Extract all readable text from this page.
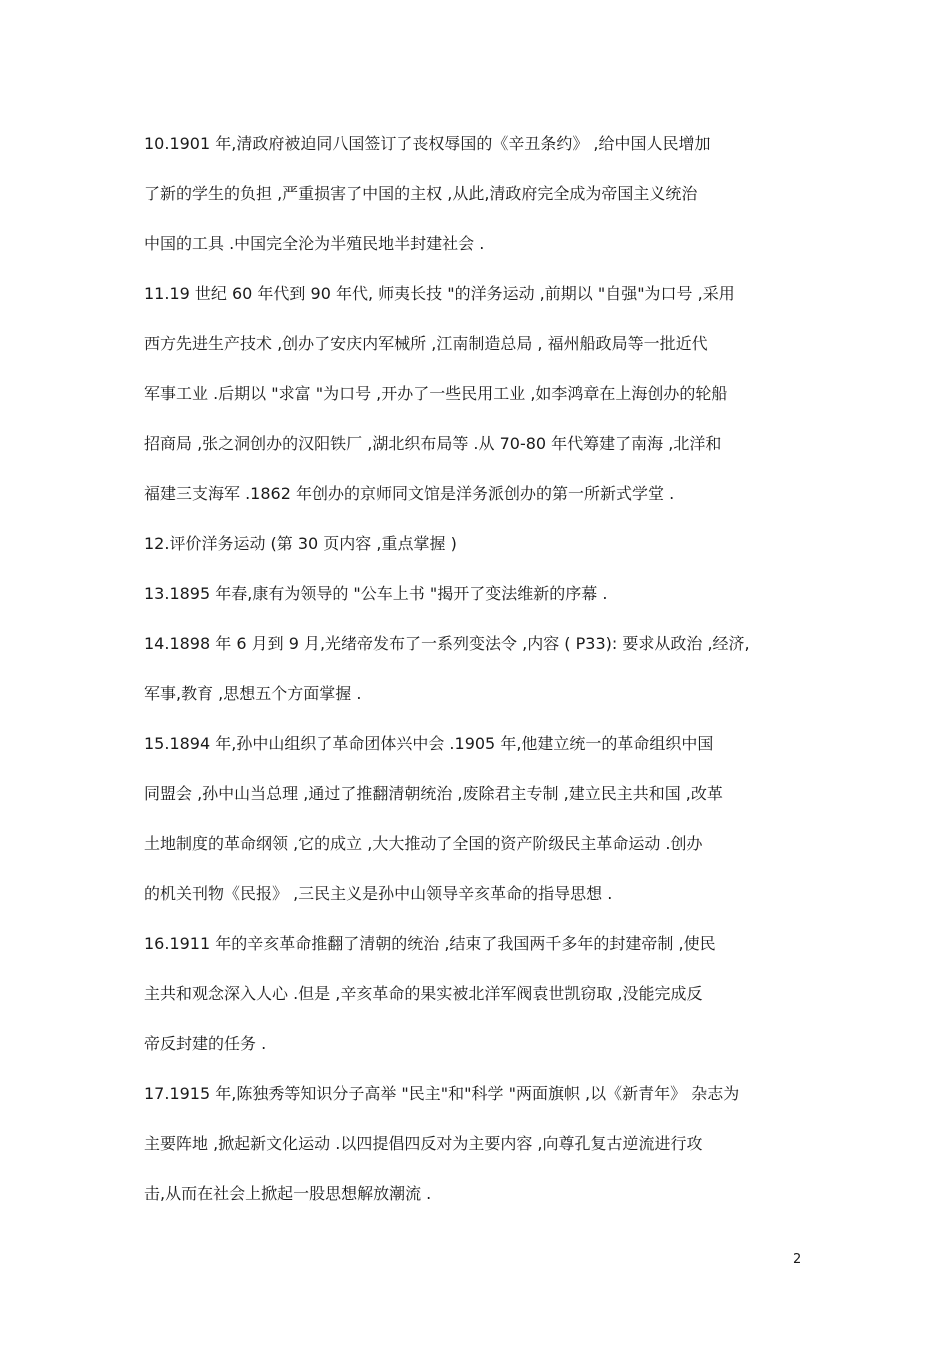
10.1901 年,清政府被迫同八国签订了丧权辱国的《辛丑条约》 ,给中国人民增加
了新的学生的负担 ,严重损害了中国的主权 ,从此,清政府完全成为帝国主义统治
中国的工具 .中国完全沦为半殖民地半封建社会 .
11.19 世纪 60 年代到 90 年代, 师夷长技 "的洋务运动 ,前期以 "自强"为口号 ,采用
西方先进生产技术 ,创办了安庆内军械所 ,江南制造总局 , 福州船政局等一批近代
军事工业 .后期以 "求富 "为口号 ,开办了一些民用工业 ,如李鸿章在上海创办的轮船
招商局 ,张之洞创办的汉阳铁厂 ,湖北织布局等 .从 70-80 年代筹建了南海 ,北洋和
福建三支海军 .1862 年创办的京师同文馆是洋务派创办的第一所新式学堂 .
12.评价洋务运动 (第 30 页内容 ,重点掌握 )
13.1895 年春,康有为领导的 "公车上书 "揭开了变法维新的序幕 .
14.1898 年 6 月到 9 月,光绪帝发布了一系列变法令 ,内容 ( P33): 要求从政治 ,经济,
军事,教育 ,思想五个方面掌握 .
15.1894 年,孙中山组织了革命团体兴中会 .1905 年,他建立统一的革命组织中国
同盟会 ,孙中山当总理 ,通过了推翻清朝统治 ,废除君主专制 ,建立民主共和国 ,改革
土地制度的革命纲领 ,它的成立 ,大大推动了全国的资产阶级民主革命运动 .创办
的机关刊物《民报》 ,三民主义是孙中山领导辛亥革命的指导思想 .
16.1911 年的辛亥革命推翻了清朝的统治 ,结束了我国两千多年的封建帝制 ,使民
主共和观念深入人心 .但是 ,辛亥革命的果实被北洋军阀袁世凯窃取 ,没能完成反
帝反封建的任务 .
17.1915 年,陈独秀等知识分子高举 "民主"和"科学 "两面旗帜 ,以《新青年》 杂志为
主要阵地 ,掀起新文化运动 .以四提倡四反对为主要内容 ,向尊孔复古逆流进行攻
击,从而在社会上掀起一股思想解放潮流 .
2
